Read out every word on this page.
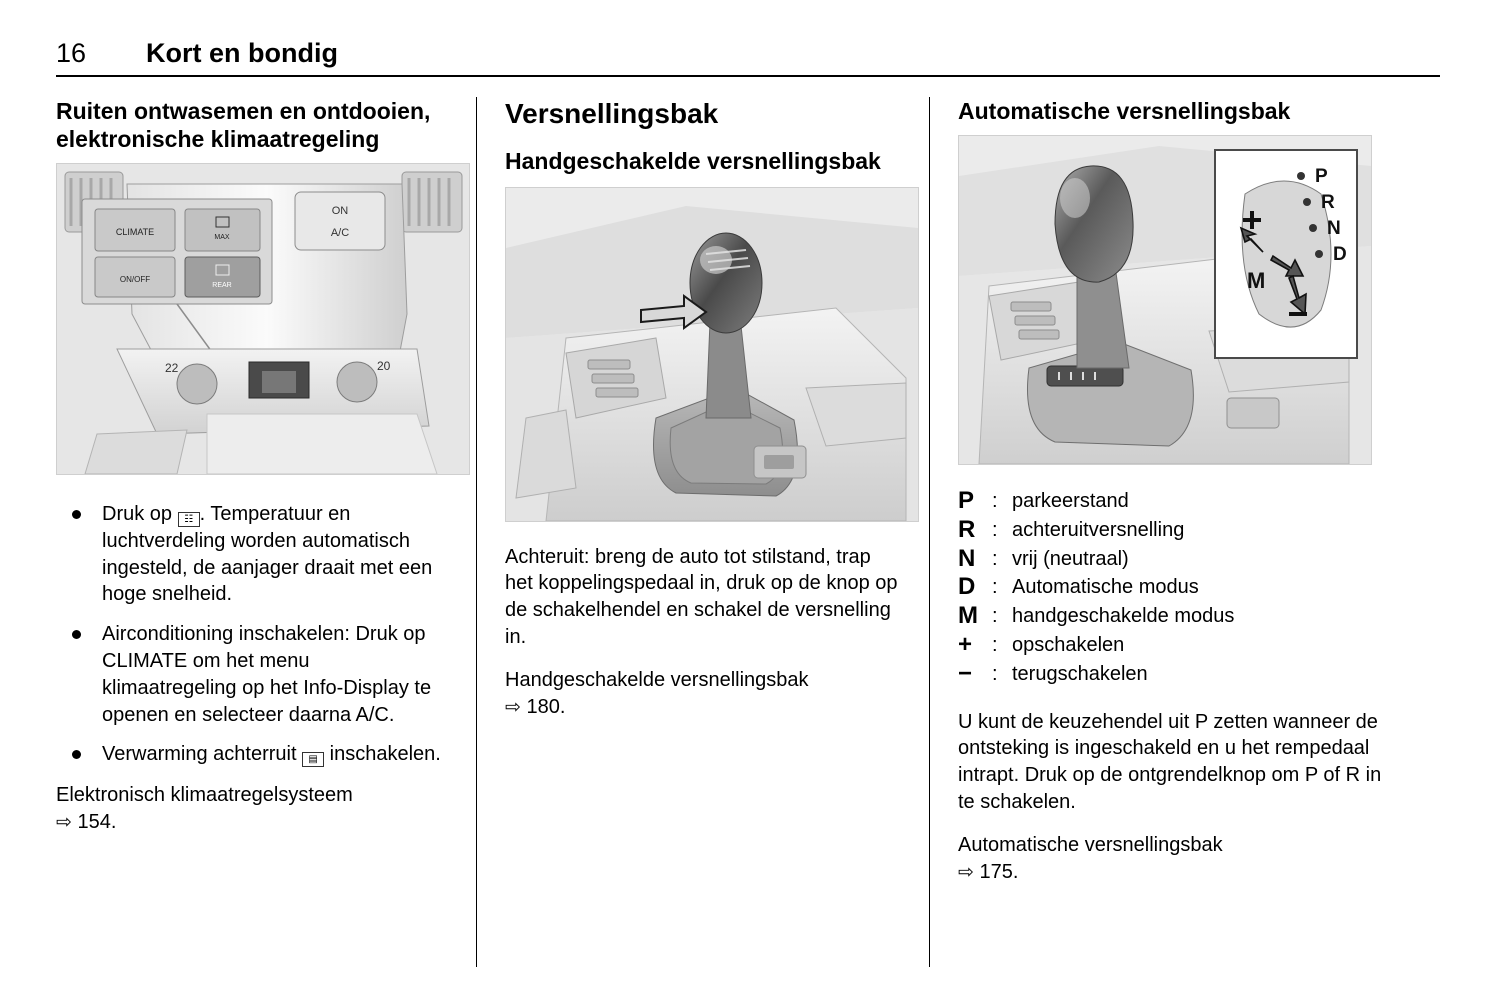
16 Kort en bondig
Ruiten ontwasemen en ontdooien, elektronische klimaatregeling
CLIMATE
MAX
ON/OFF
REAR
ON
A/C
22	20
Druk op ☷ . Temperatuur en luchtverdeling worden automatisch ingesteld, de aanjager draait met een hoge snelheid.
Airconditioning inschakelen: Druk op CLIMATE om het menu klimaatregeling op het Info-Display te openen en selecteer daarna A/C.
Verwarming achterruit ▤ inschakelen.
Elektronisch klimaatregelsysteem
⇨ 154.
Versnellingsbak
Handgeschakelde versnellingsbak

Achteruit: breng de auto tot stilstand, trap het koppelingspedaal in, druk op de knop op de schakelhendel en schakel de versnelling in.

Handgeschakelde versnellingsbak
⇨ 180.
Automatische versnellingsbak
P
R
N
D
M
P : parkeerstand
R : achteruitversnelling
N : vrij (neutraal)
D : Automatische modus
M : handgeschakelde modus
+ : opschakelen
− : terugschakelen

U kunt de keuzehendel uit P zetten wanneer de ontsteking is ingeschakeld en u het rempedaal intrapt. Druk op de ontgrendelknop om P of R in te schakelen.

Automatische versnellingsbak
⇨ 175.
